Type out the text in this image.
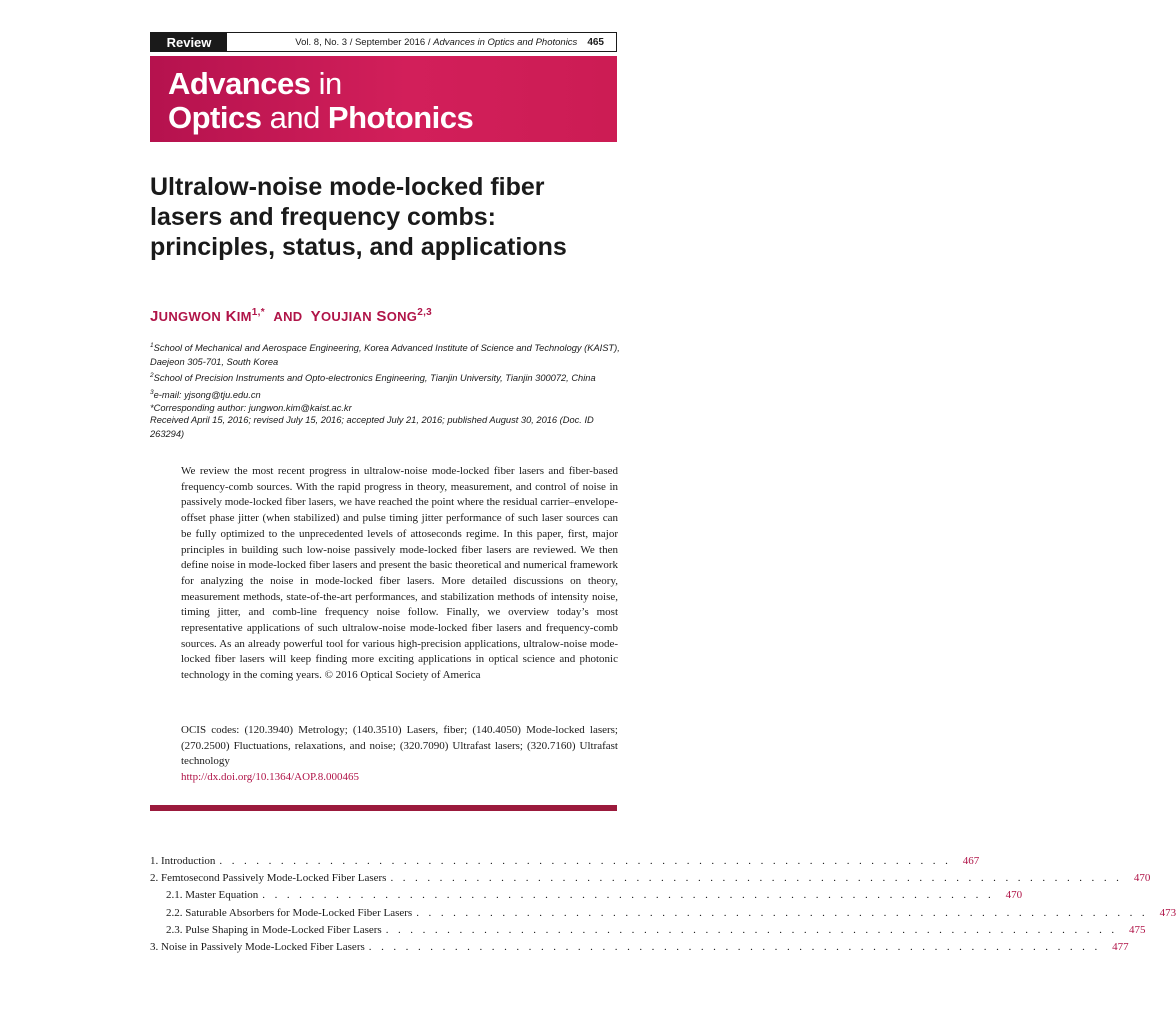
Review	Vol. 8, No. 3 / September 2016 / Advances in Optics and Photonics	465
Advances in
Optics and Photonics
Ultralow-noise mode-locked fiber lasers and frequency combs: principles, status, and applications
JUNGWON $KIM^{1,*}$ AND YOUJIAN SONG$^{2,3}$
$^1$School of Mechanical and Aerospace Engineering, Korea Advanced Institute of Science and Technology (KAIST), Daejeon 305-701, South Korea
$^2$School of Precision Instruments and Opto-electronics Engineering, Tianjin University, Tianjin 300072, China
$^3$e-mail: yjsong@tju.edu.cn
*Corresponding author: jungwon.kim@kaist.ac.kr
Received April 15, 2016; revised July 15, 2016; accepted July 21, 2016; published August 30, 2016 (Doc. ID 263294)
We review the most recent progress in ultralow-noise mode-locked fiber lasers and fiber-based frequency-comb sources. With the rapid progress in theory, measurement, and control of noise in passively mode-locked fiber lasers, we have reached the point where the residual carrier–envelope-offset phase jitter (when stabilized) and pulse timing jitter performance of such laser sources can be fully optimized to the unprecedented levels of attoseconds regime. In this paper, first, major principles in building such low-noise passively mode-locked fiber lasers are reviewed. We then define noise in mode-locked fiber lasers and present the basic theoretical and numerical framework for analyzing the noise in mode-locked fiber lasers. More detailed discussions on theory, measurement methods, state-of-the-art performances, and stabilization methods of intensity noise, timing jitter, and comb-line frequency noise follow. Finally, we overview today’s most representative applications of such ultralow-noise mode-locked fiber lasers and frequency-comb sources. As an already powerful tool for various high-precision applications, ultralow-noise mode-locked fiber lasers will keep finding more exciting applications in optical science and photonic technology in the coming years. © 2016 Optical Society of America
OCIS codes: (120.3940) Metrology; (140.3510) Lasers, fiber; (140.4050) Mode-locked lasers; (270.2500) Fluctuations, relaxations, and noise; (320.7090) Ultrafast lasers; (320.7160) Ultrafast technology
http://dx.doi.org/10.1364/AOP.8.000465
1. Introduction . . . . . . . . . . . . . . . . . . . . . . . . . . . . . . . . . . . . . . . . . . . . . . . . . . . . . . . . . . . .	467
2. Femtosecond Passively Mode-Locked Fiber Lasers . . . . . . . . . . . . . . . . . . . . . . . . . . . . . . . . . . . . . . . . . . . . . . . . . . . . . . . . . . . .	470
2.1. Master Equation . . . . . . . . . . . . . . . . . . . . . . . . . . . . . . . . . . . . . . . . . . . . . . . . . . . . . . . . . . . .	470
2.2. Saturable Absorbers for Mode-Locked Fiber Lasers . . . . . . . . . . . . . . . . . . . . . . . . . . . . . . . . . . . . . . . . . . . . . . . . . . . . . . . . . . . .	473
2.3. Pulse Shaping in Mode-Locked Fiber Lasers . . . . . . . . . . . . . . . . . . . . . . . . . . . . . . . . . . . . . . . . . . . . . . . . . . . . . . . . . . . .	475
3. Noise in Passively Mode-Locked Fiber Lasers . . . . . . . . . . . . . . . . . . . . . . . . . . . . . . . . . . . . . . . . . . . . . . . . . . . . . . . . . . . .	477
